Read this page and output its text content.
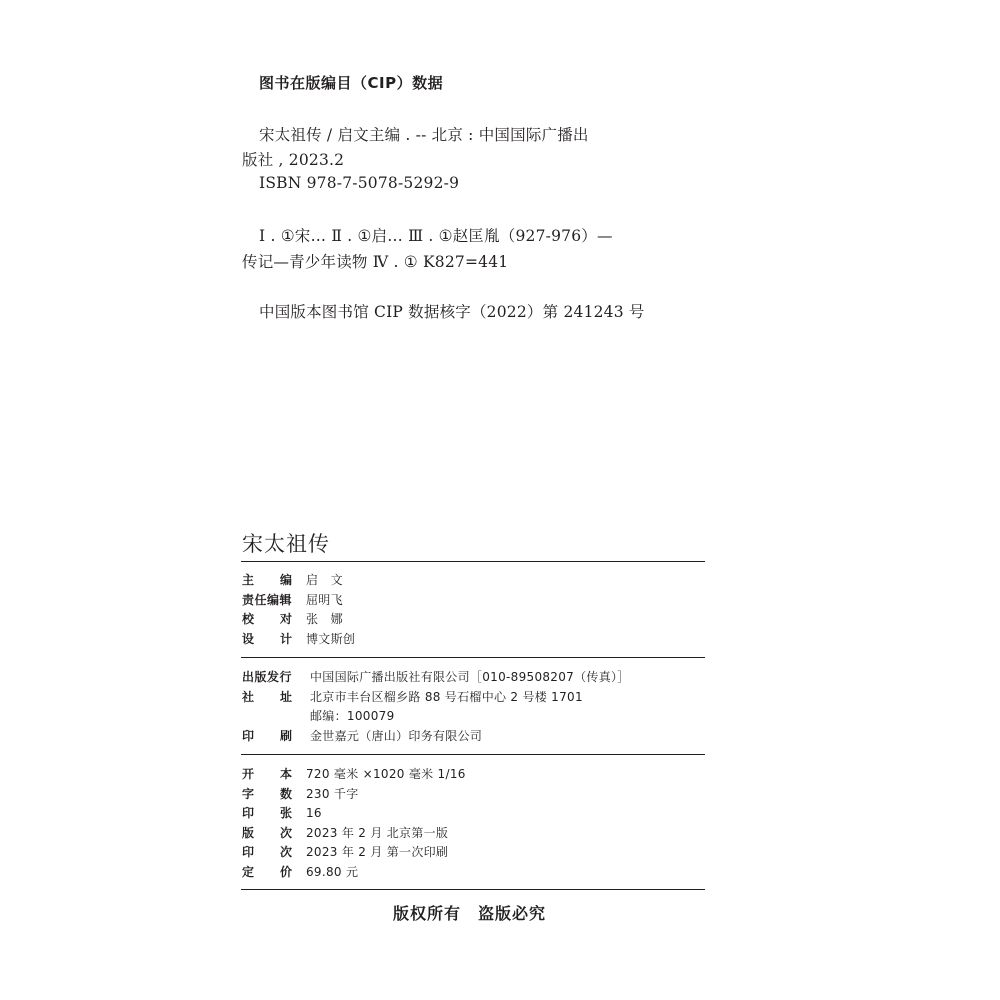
图书在版编目（CIP）数据
宋太祖传 / 启文主编 . -- 北京 : 中国国际广播出
版社 , 2023.2
ISBN 978-7-5078-5292-9
Ⅰ . ①宋… Ⅱ . ①启… Ⅲ . ①赵匡胤（927-976）—
传记—青少年读物 Ⅳ . ① K827=441
中国版本图书馆 CIP 数据核字（2022）第 241243 号
宋太祖传
主 编 启　文
责任编辑 屈明飞
校 对 张　娜
设 计 博文斯创
出版发行 中国国际广播出版社有限公司［010-89508207（传真）］
社 址 北京市丰台区榴乡路 88 号石榴中心 2 号楼 1701
邮编：100079
印 刷 金世嘉元（唐山）印务有限公司
开 本 720 毫米 ×1020 毫米 1/16
字 数 230 千字
印 张 16
版 次 2023 年 2 月 北京第一版
印 次 2023 年 2 月 第一次印刷
定 价 69.80 元
版权所有　盗版必究
